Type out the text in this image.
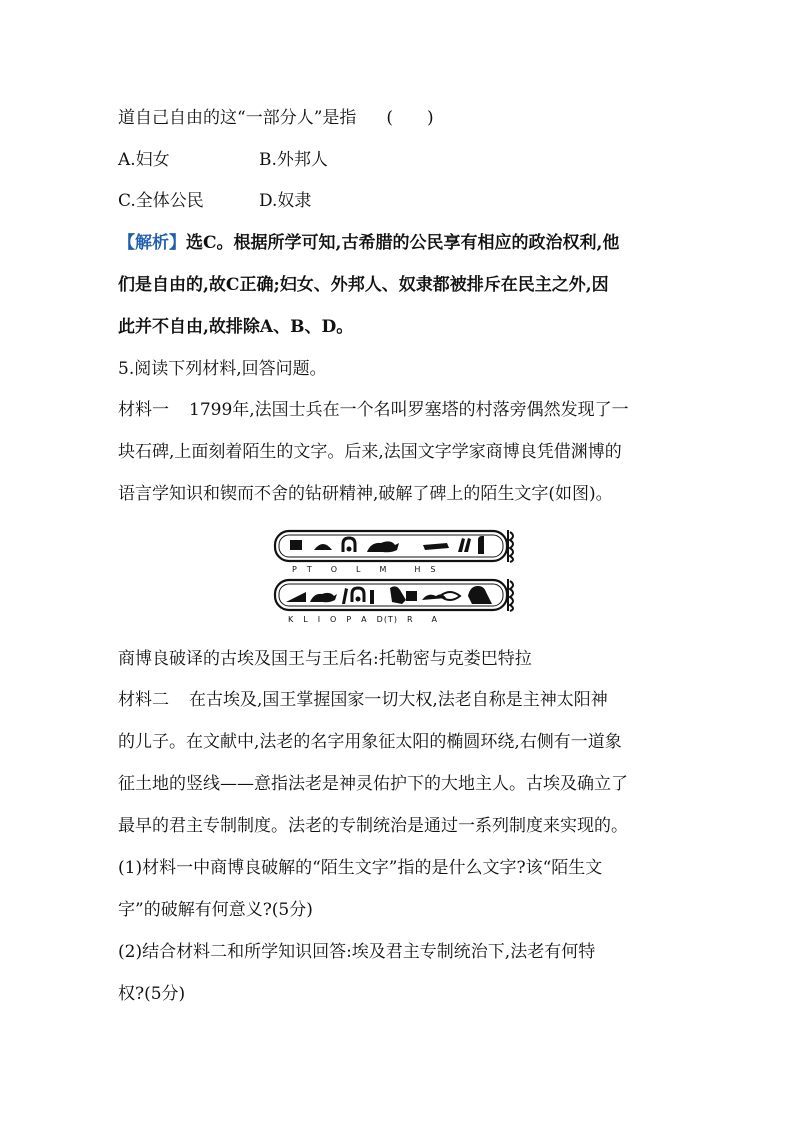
道自己自由的这“一部分人”是指 (　　)
A.妇女	B.外邦人
C.全体公民	D.奴隶
【解析】选C。根据所学可知,古希腊的公民享有相应的政治权利,他
们是自由的,故C正确;妇女、外邦人、奴隶都被排斥在民主之外,因
此并不自由,故排除A、B、D。
5.阅读下列材料,回答问题。
材料一 1799年,法国士兵在一个名叫罗塞塔的村落旁偶然发现了一
块石碑,上面刻着陌生的文字。后来,法国文字学家商博良凭借渊博的
语言学知识和锲而不舍的钻研精神,破解了碑上的陌生文字(如图)。
P　T　　O　　L　　M　　　H　S
K　L　I　O　P　A　D(T)　R　　A
商博良破译的古埃及国王与王后名:托勒密与克娄巴特拉
材料二 在古埃及,国王掌握国家一切大权,法老自称是主神太阳神
的儿子。在文献中,法老的名字用象征太阳的椭圆环绕,右侧有一道象
征土地的竖线——意指法老是神灵佑护下的大地主人。古埃及确立了
最早的君主专制制度。法老的专制统治是通过一系列制度来实现的。
(1)材料一中商博良破解的“陌生文字”指的是什么文字?该“陌生文
字”的破解有何意义?(5分)
(2)结合材料二和所学知识回答:埃及君主专制统治下,法老有何特
权?(5分)
